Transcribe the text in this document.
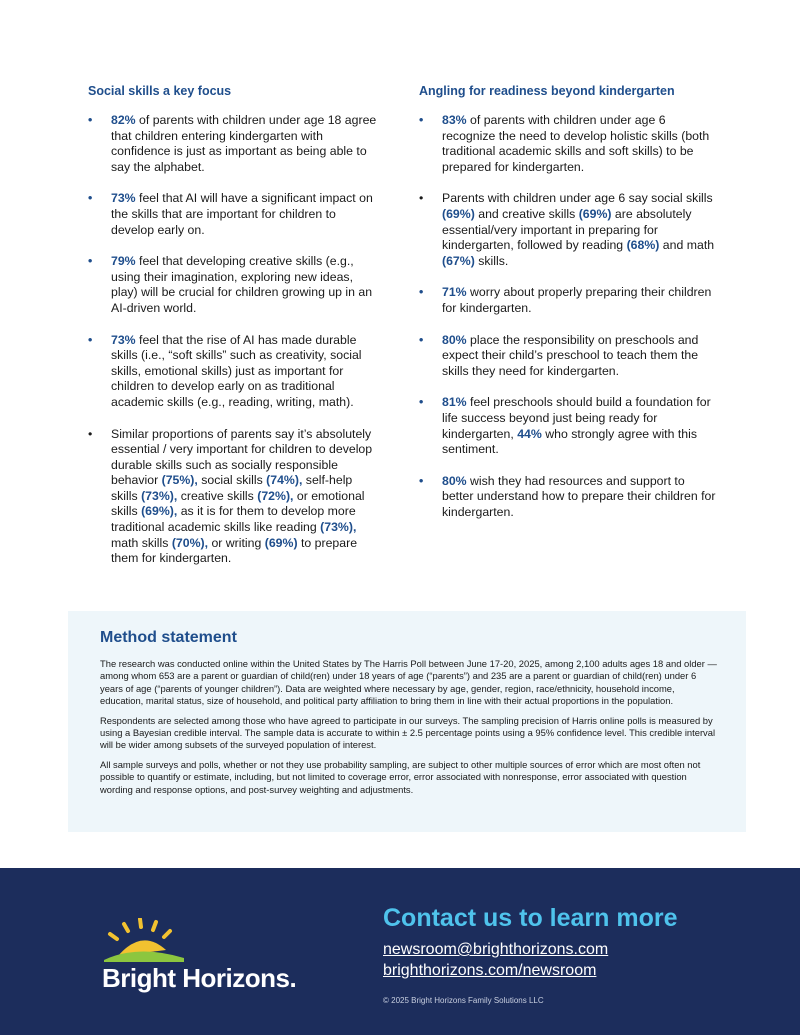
Social skills a key focus
• 82% of parents with children under age 18 agree that children entering kindergarten with confidence is just as important as being able to say the alphabet.
• 73% feel that AI will have a significant impact on the skills that are important for children to develop early on.
• 79% feel that developing creative skills (e.g., using their imagination, exploring new ideas, play) will be crucial for children growing up in an AI-driven world.
• 73% feel that the rise of AI has made durable skills (i.e., “soft skills” such as creativity, social skills, emotional skills) just as important for children to develop early on as traditional academic skills (e.g., reading, writing, math).
• Similar proportions of parents say it’s absolutely essential / very important for children to develop durable skills such as socially responsible behavior (75%), social skills (74%), self-help skills (73%), creative skills (72%), or emotional skills (69%), as it is for them to develop more traditional academic skills like reading (73%), math skills (70%), or writing (69%) to prepare them for kindergarten.
Angling for readiness beyond kindergarten
• 83% of parents with children under age 6 recognize the need to develop holistic skills (both traditional academic skills and soft skills) to be prepared for kindergarten.
• Parents with children under age 6 say social skills (69%) and creative skills (69%) are absolutely essential/very important in preparing for kindergarten, followed by reading (68%) and math (67%) skills.
• 71% worry about properly preparing their children for kindergarten.
• 80% place the responsibility on preschools and expect their child’s preschool to teach them the skills they need for kindergarten.
• 81% feel preschools should build a foundation for life success beyond just being ready for kindergarten, 44% who strongly agree with this sentiment.
• 80% wish they had resources and support to better understand how to prepare their children for kindergarten.
Method statement

The research was conducted online within the United States by The Harris Poll between June 17-20, 2025, among 2,100 adults ages 18 and older — among whom 653 are a parent or guardian of child(ren) under 18 years of age (“parents”) and 235 are a parent or guardian of child(ren) under 6 years of age (“parents of younger children”). Data are weighted where necessary by age, gender, region, race/ethnicity, household income, education, marital status, size of household, and political party affiliation to bring them in line with their actual proportions in the population.

Respondents are selected among those who have agreed to participate in our surveys. The sampling precision of Harris online polls is measured by using a Bayesian credible interval. The sample data is accurate to within ± 2.5 percentage points using a 95% confidence level. This credible interval will be wider among subsets of the surveyed population of interest.

All sample surveys and polls, whether or not they use probability sampling, are subject to other multiple sources of error which are most often not possible to quantify or estimate, including, but not limited to coverage error, error associated with nonresponse, error associated with question wording and response options, and post-survey weighting and adjustments.

Bright Horizons.
Contact us to learn more
newsroom@brighthorizons.com
brighthorizons.com/newsroom
© 2025 Bright Horizons Family Solutions LLC
